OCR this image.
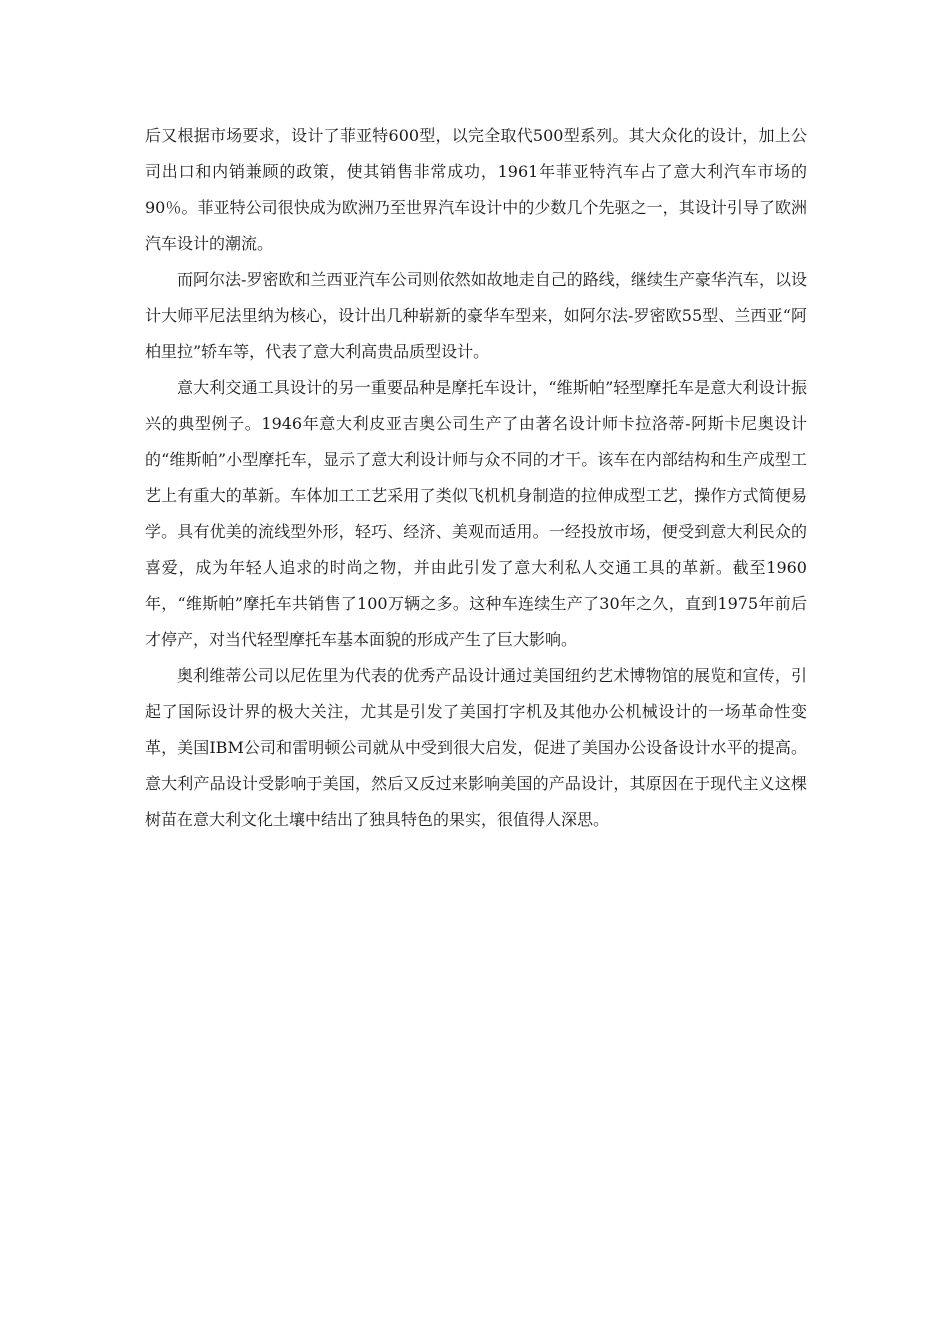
后又根据市场要求，设计了菲亚特600型，以完全取代500型系列。其大众化的设计，加上公司出口和内销兼顾的政策，使其销售非常成功，1961年菲亚特汽车占了意大利汽车市场的90％。菲亚特公司很快成为欧洲乃至世界汽车设计中的少数几个先驱之一，其设计引导了欧洲汽车设计的潮流。

而阿尔法-罗密欧和兰西亚汽车公司则依然如故地走自己的路线，继续生产豪华汽车，以设计大师平尼法里纳为核心，设计出几种崭新的豪华车型来，如阿尔法-罗密欧55型、兰西亚“阿柏里拉”轿车等，代表了意大利高贵品质型设计。

意大利交通工具设计的另一重要品种是摩托车设计，“维斯帕”轻型摩托车是意大利设计振兴的典型例子。1946年意大利皮亚吉奥公司生产了由著名设计师卡拉洛蒂-阿斯卡尼奥设计的“维斯帕”小型摩托车，显示了意大利设计师与众不同的才干。该车在内部结构和生产成型工艺上有重大的革新。车体加工工艺采用了类似飞机机身制造的拉伸成型工艺，操作方式简便易学。具有优美的流线型外形，轻巧、经济、美观而适用。一经投放市场，便受到意大利民众的喜爱，成为年轻人追求的时尚之物，并由此引发了意大利私人交通工具的革新。截至1960年，“维斯帕”摩托车共销售了100万辆之多。这种车连续生产了30年之久，直到1975年前后才停产，对当代轻型摩托车基本面貌的形成产生了巨大影响。

奥利维蒂公司以尼佐里为代表的优秀产品设计通过美国纽约艺术博物馆的展览和宣传，引起了国际设计界的极大关注，尤其是引发了美国打字机及其他办公机械设计的一场革命性变革，美国IBM公司和雷明顿公司就从中受到很大启发，促进了美国办公设备设计水平的提高。意大利产品设计受影响于美国，然后又反过来影响美国的产品设计，其原因在于现代主义这棵树苗在意大利文化土壤中结出了独具特色的果实，很值得人深思。
